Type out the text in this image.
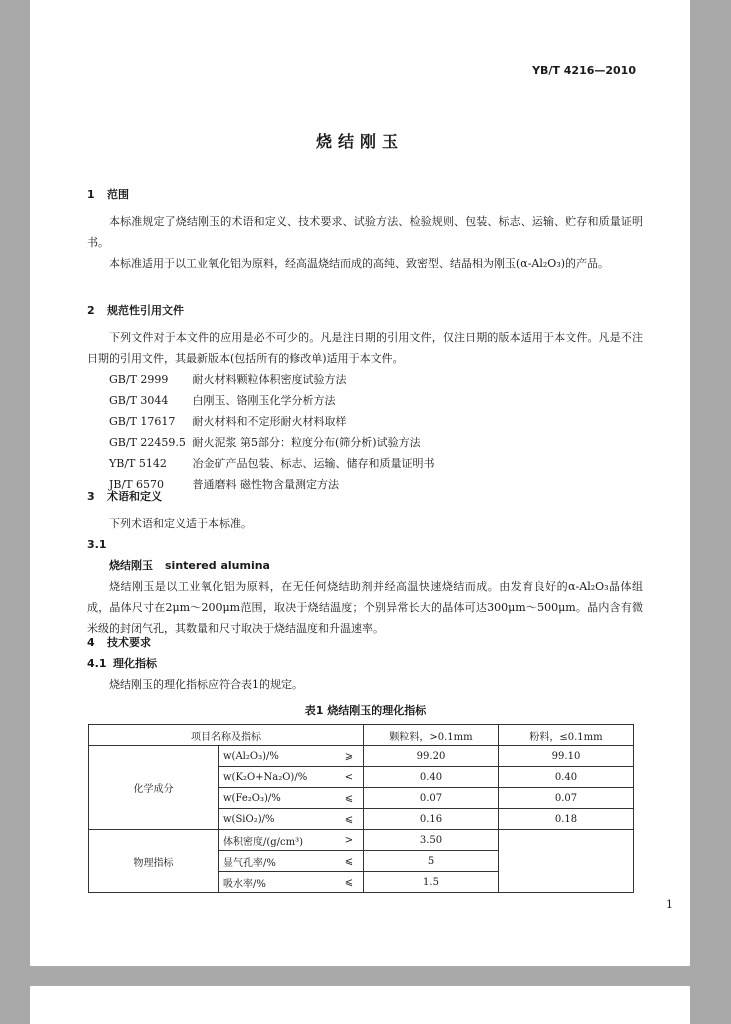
YB/T 4216—2010
烧结刚玉
1 范围
本标准规定了烧结刚玉的术语和定义、技术要求、试验方法、检验规则、包装、标志、运输、贮存和质量证明书。
本标准适用于以工业氧化铝为原料，经高温烧结而成的高纯、致密型、结晶相为刚玉(α-Al₂O₃)的产品。
2 规范性引用文件
下列文件对于本文件的应用是必不可少的。凡是注日期的引用文件，仅注日期的版本适用于本文件。凡是不注日期的引用文件，其最新版本(包括所有的修改单)适用于本文件。
GB/T 2999 耐火材料颗粒体积密度试验方法
GB/T 3044 白刚玉、铬刚玉化学分析方法
GB/T 17617 耐火材料和不定形耐火材料取样
GB/T 22459.5 耐火泥浆 第5部分：粒度分布(筛分析)试验方法
YB/T 5142 冶金矿产品包装、标志、运输、储存和质量证明书
JB/T 6570	普通磨料 磁性物含量测定方法
3 术语和定义
下列术语和定义适于本标准。
3.1
烧结刚玉 sintered alumina
烧结刚玉是以工业氧化铝为原料，在无任何烧结助剂并经高温快速烧结而成。由发育良好的α-Al₂O₃晶体组成，晶体尺寸在2μm～200μm范围，取决于烧结温度；个别异常长大的晶体可达300μm～500μm。晶内含有微米级的封闭气孔，其数量和尺寸取决于烧结温度和升温速率。
4 技术要求
4.1 理化指标
烧结刚玉的理化指标应符合表1的规定。
表1 烧结刚玉的理化指标
项目名称及指标			颗粒料，>0.1mm	粉料，≤0.1mm
化学成分	w(Al₂O₃)/%	⩾	99.20	99.10
	w(K₂O+Na₂O)/%	<	0.40	0.40
	w(Fe₂O₃)/%	⩽	0.07	0.07
	w(SiO₂)/%	⩽	0.16	0.18
物理指标	体积密度/(g/cm³)	>	3.50	
	显气孔率/%	⩽	5	
	吸水率/%	⩽	1.5	
1
